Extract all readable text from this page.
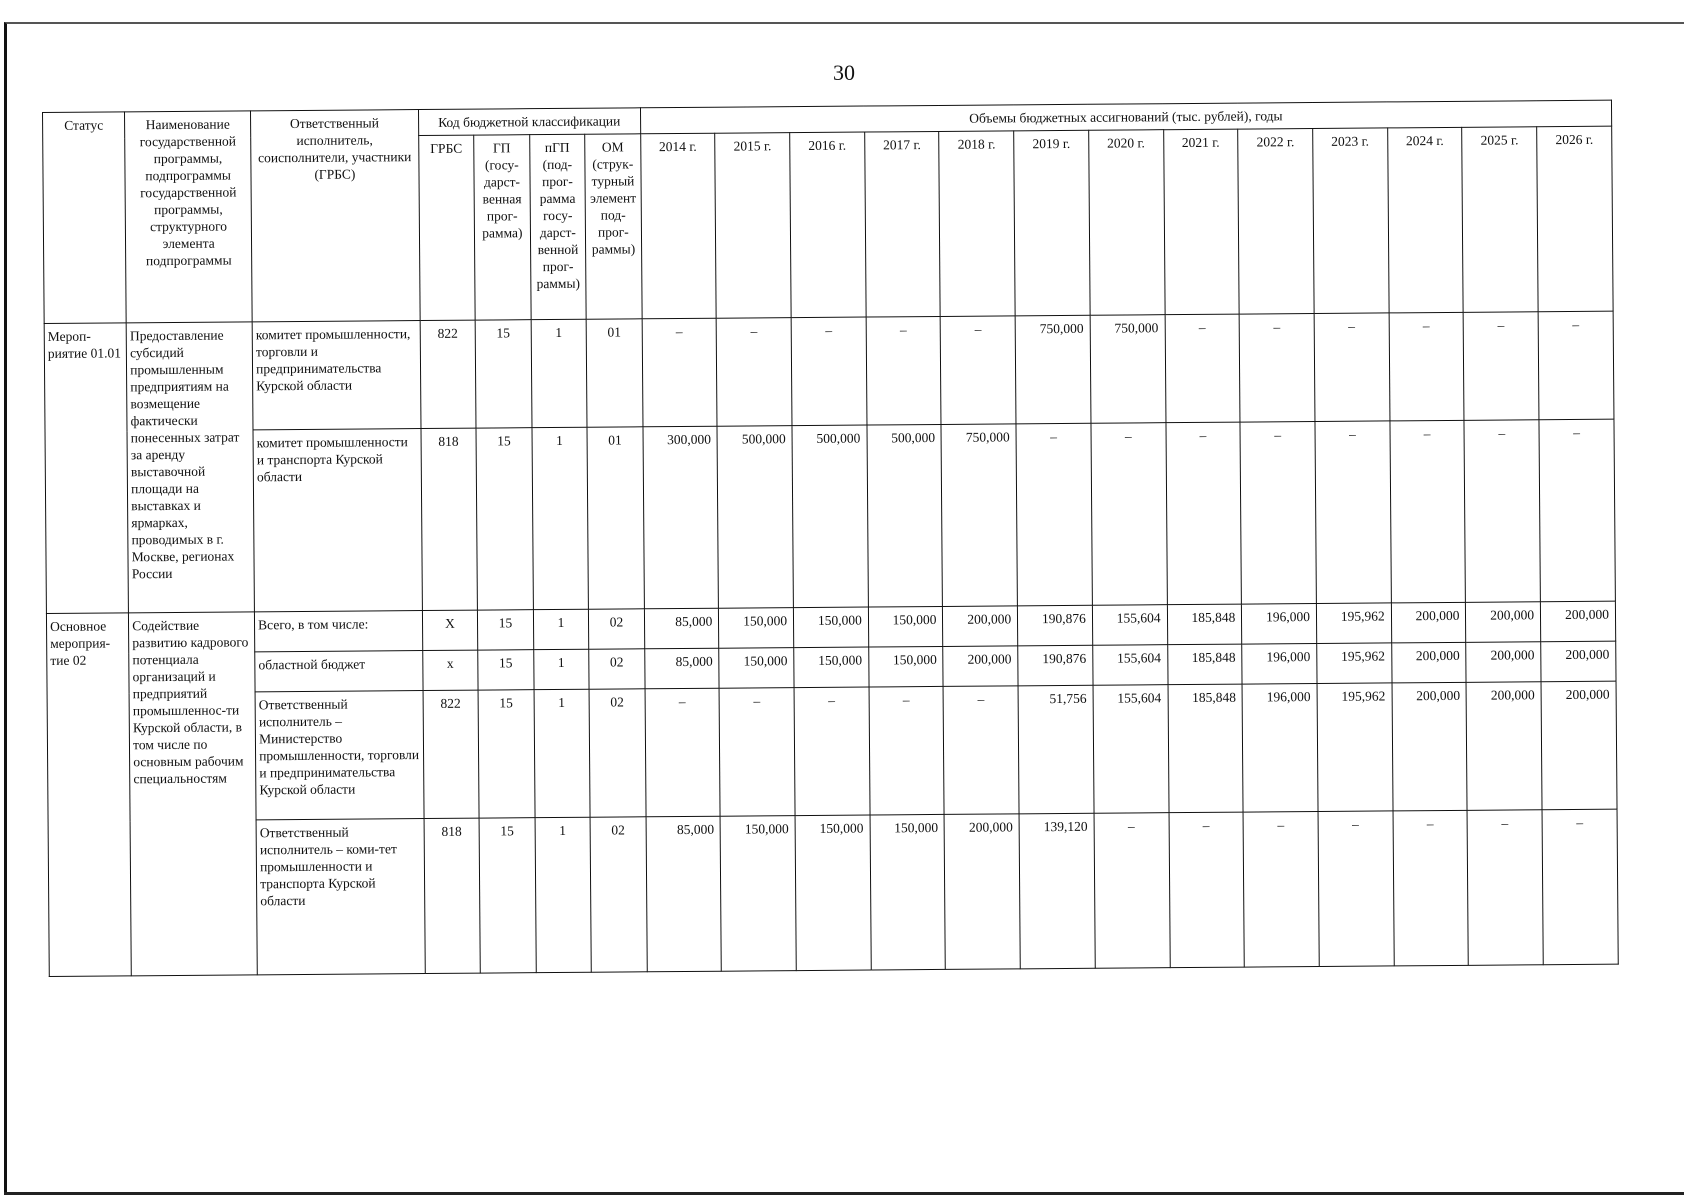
30
Статус	Наименование государственной программы, подпрограммы государственной программы, структурного элемента подпрограммы	Ответственный исполнитель, соисполнители, участники (ГРБС)	Код бюджетной классификации				Объемы бюджетных ассигнований (тыс. рублей), годы												
			ГРБС	ГП (госу-дарст-венная прог-рамма)	пГП (под-прог-рамма госу-дарст-венной прог-раммы)	ОМ (струк-турный элемент под-прог-раммы)	2014 г.	2015 г.	2016 г.	2017 г.	2018 г.	2019 г.	2020 г.	2021 г.	2022 г.	2023 г.	2024 г.	2025 г.	2026 г.
Мероп-риятие 01.01	Предоставление субсидий промышленным предприятиям на возмещение фактически понесенных затрат за аренду выставочной площади на выставках и ярмарках, проводимых в г. Москве, регионах России	комитет промышленности, торговли и предпринимательства Курской области	822	15	1	01	–	–	–	–	–	750,000	750,000	–	–	–	–	–	–
		комитет промышленности и транспорта Курской области	818	15	1	01	300,000	500,000	500,000	500,000	750,000	–	–	–	–	–	–	–	–
Основное мероприя-тие 02	Содействие развитию кадрового потенциала организаций и предприятий промышленнос-ти Курской области, в том числе по основным рабочим специальностям	Всего, в том числе:	Х	15	1	02	85,000	150,000	150,000	150,000	200,000	190,876	155,604	185,848	196,000	195,962	200,000	200,000	200,000
		областной бюджет	х	15	1	02	85,000	150,000	150,000	150,000	200,000	190,876	155,604	185,848	196,000	195,962	200,000	200,000	200,000
		Ответственный исполнитель – Министерство промышленности, торговли и предпринимательства Курской области	822	15	1	02	–	–	–	–	–	51,756	155,604	185,848	196,000	195,962	200,000	200,000	200,000
		Ответственный исполнитель – коми-тет промышленности и транспорта Курской области	818	15	1	02	85,000	150,000	150,000	150,000	200,000	139,120	–	–	–	–	–	–	–
